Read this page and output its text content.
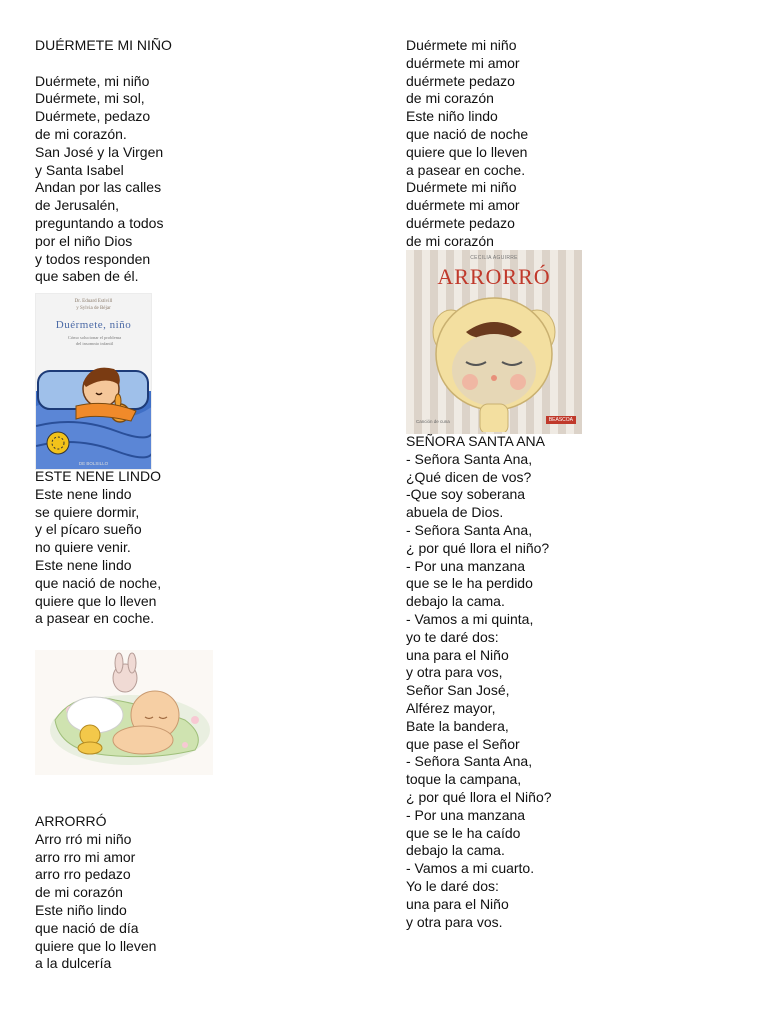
DUÉRMETE MI NIÑO
Duérmete, mi niño
Duérmete, mi sol,
Duérmete, pedazo
de mi corazón.
San José y la Virgen
y Santa Isabel
Andan por las calles
de Jerusalén,
preguntando a todos
por el niño Dios
y todos responden
que saben de él.
Dr. Eduard Estivill
y Sylvia de Béjar
Duérmete, niño
Cómo solucionar el problema
del insomnio infantil
DE BOLSILLO
ESTE NENE LINDO
Este nene lindo
se quiere dormir,
y el pícaro sueño
no quiere venir.
Este nene lindo
que nació de noche,
quiere que lo lleven
a pasear en coche.
ARRORRÓ
Arro rró mi niño
arro rro mi amor
arro rro pedazo
de mi corazón
Este niño lindo
que nació de día
quiere que lo lleven
a la dulcería
Duérmete mi niño
duérmete mi amor
duérmete pedazo
de mi corazón
Este niño lindo
que nació de noche
quiere que lo lleven
a pasear en coche.
Duérmete mi niño
duérmete mi amor
duérmete pedazo
de mi corazón
CECILIA AGUIRRE
ARRORRÓ
Canción de cuna	BEASCOA
SEÑORA SANTA ANA
- Señora Santa Ana,
¿Qué dicen de vos?
-Que soy soberana
abuela de Dios.
- Señora Santa Ana,
¿ por qué llora el niño?
- Por una manzana
que se le ha perdido
debajo la cama.
- Vamos a mi quinta,
yo te daré dos:
una para el Niño
y otra para vos,
Señor San José,
Alférez mayor,
Bate la bandera,
que pase el Señor
- Señora Santa Ana,
toque la campana,
¿ por qué llora el Niño?
- Por una manzana
que se le ha caído
debajo la cama.
- Vamos a mi cuarto.
Yo le daré dos:
una para el Niño
y otra para vos.
